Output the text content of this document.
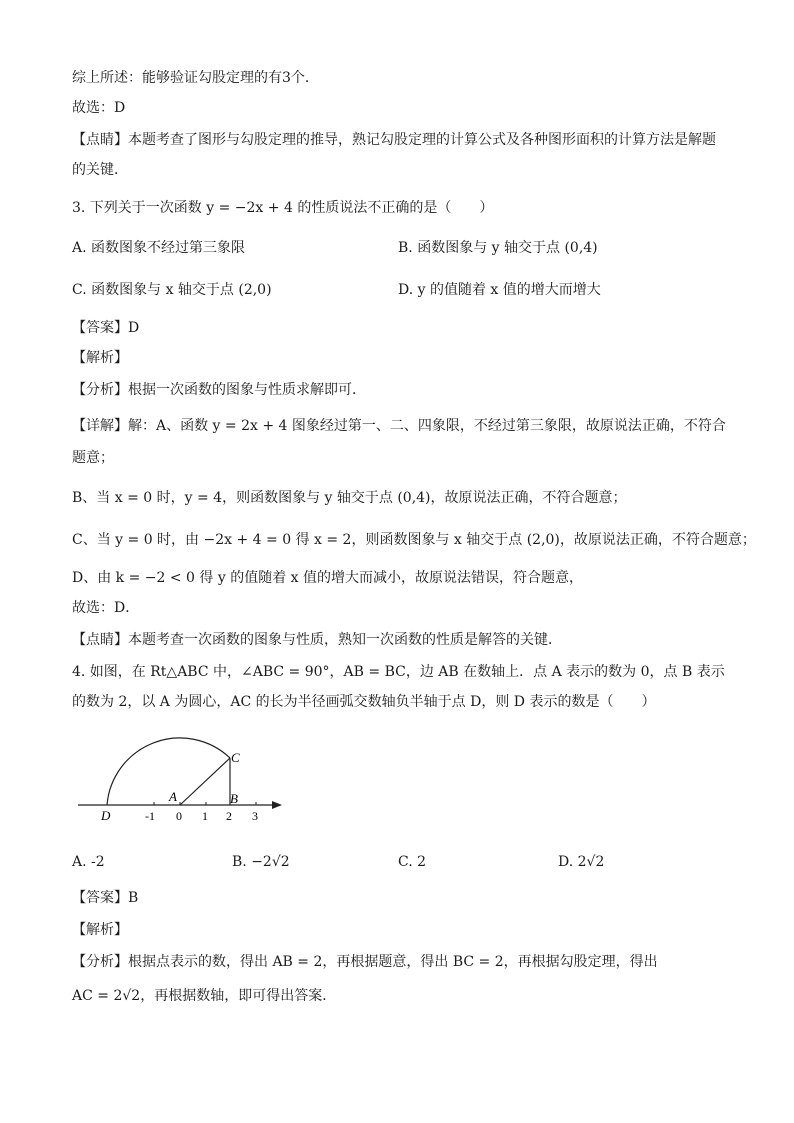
综上所述：能够验证勾股定理的有3个．
故选：D
【点睛】本题考查了图形与勾股定理的推导，熟记勾股定理的计算公式及各种图形面积的计算方法是解题
的关键．
3. 下列关于一次函数 y = −2x + 4 的性质说法不正确的是（　　）
【答案】D
【解析】
【分析】根据一次函数的图象与性质求解即可．
【详解】解：A、函数 y = 2x + 4 图象经过第一、二、四象限，不经过第三象限，故原说法正确，不符合
题意；
B、当 x = 0 时，y = 4，则函数图象与 y 轴交于点 (0,4)，故原说法正确，不符合题意；
C、当 y = 0 时，由 −2x + 4 = 0 得 x = 2，则函数图象与 x 轴交于点 (2,0)，故原说法正确，不符合题意；
D、由 k = −2 < 0 得 y 的值随着 x 值的增大而减小，故原说法错误，符合题意，
故选：D．
【点睛】本题考查一次函数的图象与性质，熟知一次函数的性质是解答的关键．
4. 如图，在 Rt△ABC 中，∠ABC = 90°，AB = BC，边 AB 在数轴上．点 A 表示的数为 0，点 B 表示
的数为 2，以 A 为圆心，AC 的长为半径画弧交数轴负半轴于点 D，则 D 表示的数是（　　）
【答案】B
【解析】
【分析】根据点表示的数，得出 AB = 2，再根据题意，得出 BC = 2，再根据勾股定理，得出
AC = 2√2，再根据数轴，即可得出答案．
A. 函数图象不经过第三象限	B. 函数图象与 y 轴交于点 (0,4)
C. 函数图象与 x 轴交于点 (2,0)	D. y 的值随着 x 值的增大而增大
A. -2	B. −2√2	C. 2	D. 2√2
C
A	B
D	-1 0 1 2 3
